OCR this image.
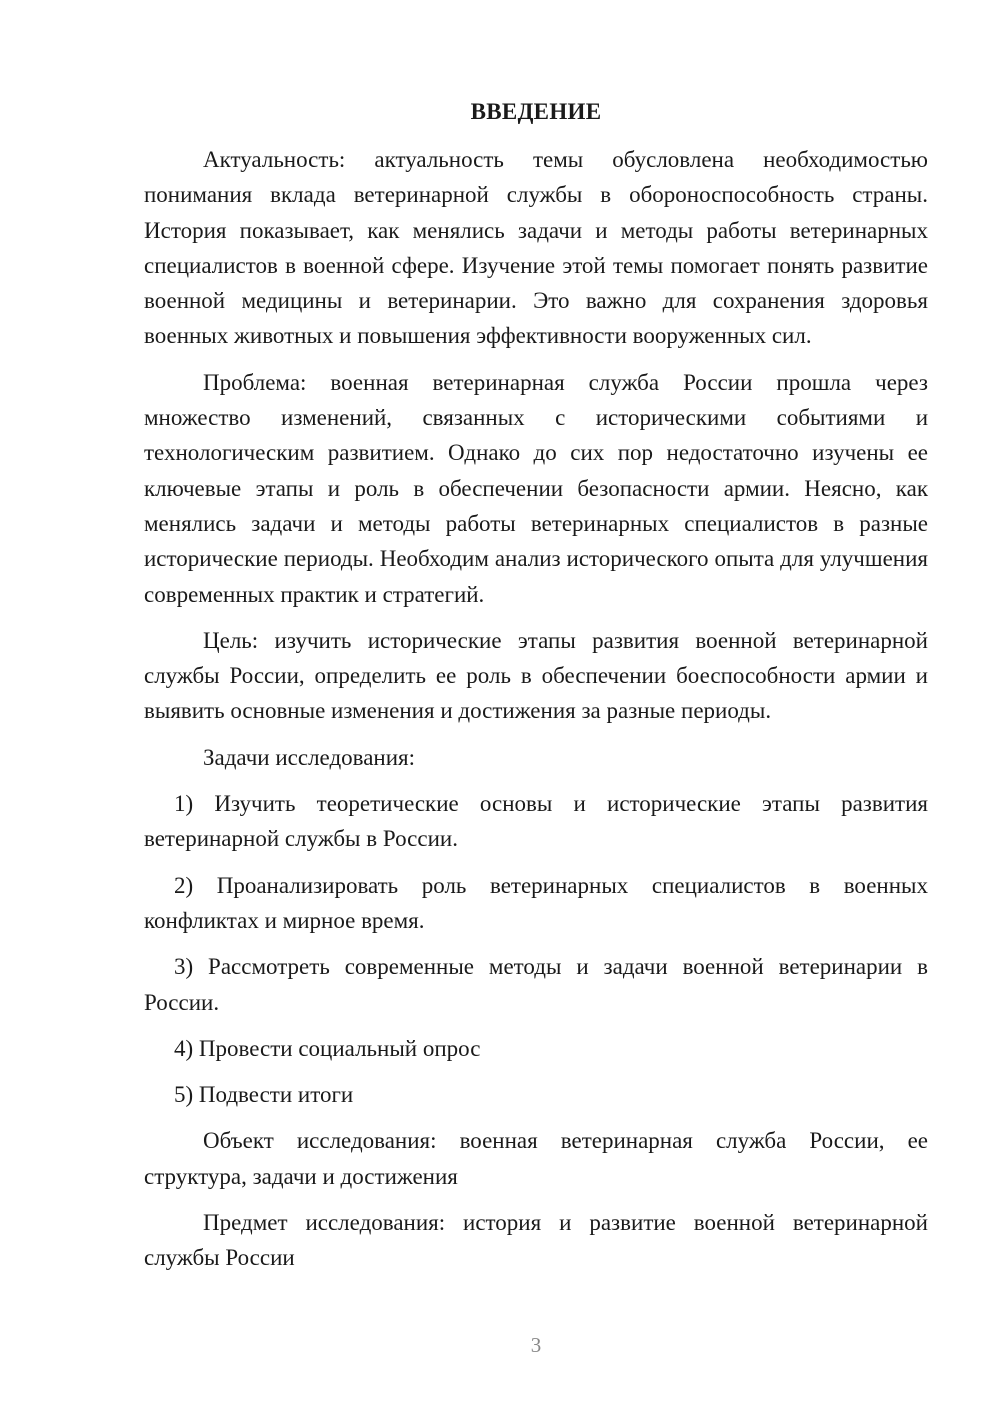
ВВЕДЕНИЕ

Актуальность: актуальность темы обусловлена необходимостью понимания вклада ветеринарной службы в обороноспособность страны. История показывает, как менялись задачи и методы работы ветеринарных специалистов в военной сфере. Изучение этой темы помогает понять развитие военной медицины и ветеринарии. Это важно для сохранения здоровья военных животных и повышения эффективности вооруженных сил.

Проблема: военная ветеринарная служба России прошла через множество изменений, связанных с историческими событиями и технологическим развитием. Однако до сих пор недостаточно изучены ее ключевые этапы и роль в обеспечении безопасности армии. Неясно, как менялись задачи и методы работы ветеринарных специалистов в разные исторические периоды. Необходим анализ исторического опыта для улучшения современных практик и стратегий.

Цель: изучить исторические этапы развития военной ветеринарной службы России, определить ее роль в обеспечении боеспособности армии и выявить основные изменения и достижения за разные периоды.

Задачи исследования:

1) Изучить теоретические основы и исторические этапы развития ветеринарной службы в России.

2) Проанализировать роль ветеринарных специалистов в военных конфликтах и мирное время.

3) Рассмотреть современные методы и задачи военной ветеринарии в России.

4) Провести социальный опрос

5) Подвести итоги

Объект исследования: военная ветеринарная служба России, ее структура, задачи и достижения

Предмет исследования: история и развитие военной ветеринарной службы России

3
